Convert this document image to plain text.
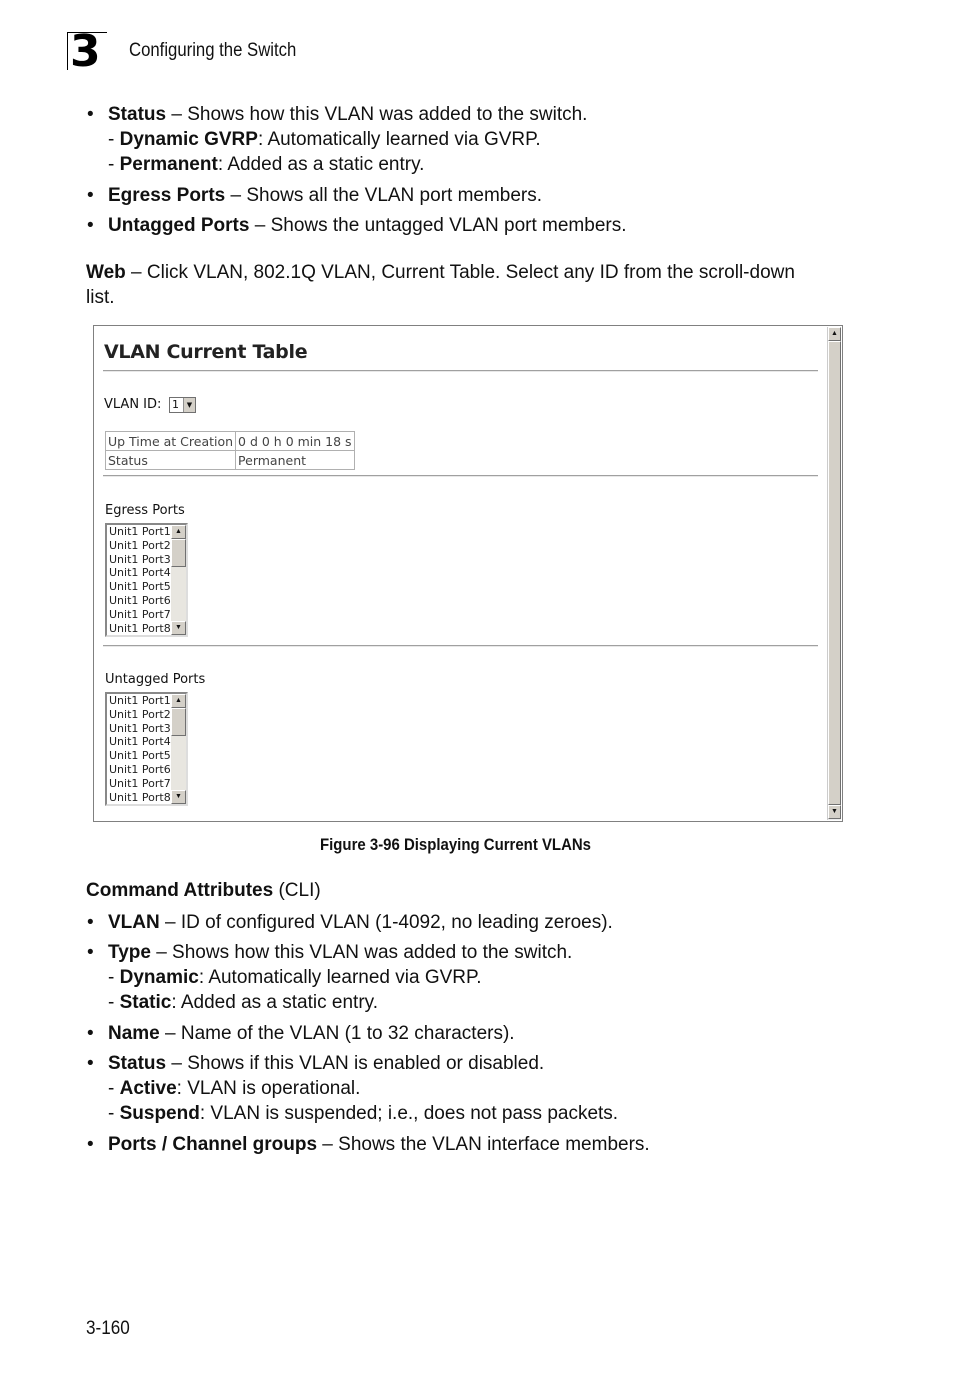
3 Configuring the Switch
• Status – Shows how this VLAN was added to the switch.
- Dynamic GVRP: Automatically learned via GVRP.
- Permanent: Added as a static entry.
• Egress Ports – Shows all the VLAN port members.
• Untagged Ports – Shows the untagged VLAN port members.
Web – Click VLAN, 802.1Q VLAN, Current Table. Select any ID from the scroll-down
list.
VLAN Current Table
VLAN ID: 1	▼
Up Time at Creation	0 d 0 h 0 min 18 s
Status	Permanent
Egress Ports
Unit1 Port1
Unit1 Port2
Unit1 Port3
Unit1 Port4
Unit1 Port5
Unit1 Port6
Unit1 Port7
Unit1 Port8
▲
▼
Untagged Ports
Unit1 Port1
Unit1 Port2
Unit1 Port3
Unit1 Port4
Unit1 Port5
Unit1 Port6
Unit1 Port7
Unit1 Port8
▲
▼
▲
▼
Figure 3-96 Displaying Current VLANs
Command Attributes (CLI)
• VLAN – ID of configured VLAN (1-4092, no leading zeroes).
• Type – Shows how this VLAN was added to the switch.
- Dynamic: Automatically learned via GVRP.
- Static: Added as a static entry.
• Name – Name of the VLAN (1 to 32 characters).
• Status – Shows if this VLAN is enabled or disabled.
- Active: VLAN is operational.
- Suspend: VLAN is suspended; i.e., does not pass packets.
• Ports / Channel groups – Shows the VLAN interface members.
3-160
